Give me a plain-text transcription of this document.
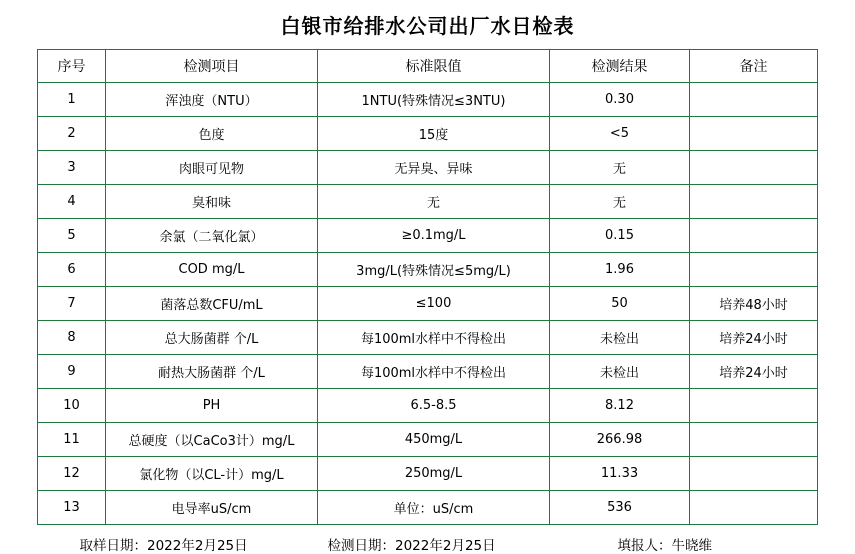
白银市给排水公司出厂水日检表
序号	检测项目	标准限值	检测结果	备注
1	浑浊度（NTU）	1NTU(特殊情况≤3NTU)	0.30	
2	色度	15度	<5	
3	肉眼可见物	无异臭、异味	无	
4	臭和味	无	无	
5	余氯（二氧化氯）	≥0.1mg/L	0.15	
6	COD mg/L	3mg/L(特殊情况≤5mg/L)	1.96	
7	菌落总数CFU/mL	≤100	50	培养48小时
8	总大肠菌群 个/L	每100ml水样中不得检出	未检出	培养24小时
9	耐热大肠菌群 个/L	每100ml水样中不得检出	未检出	培养24小时
10	PH	6.5-8.5	8.12	
11	总硬度（以CaCo3计）mg/L	450mg/L	266.98	
12	氯化物（以CL-计）mg/L	250mg/L	11.33	
13	电导率uS/cm	单位：uS/cm	536	
取样日期：2022年2月25日	检测日期：2022年2月25日	填报人：牛晓维
